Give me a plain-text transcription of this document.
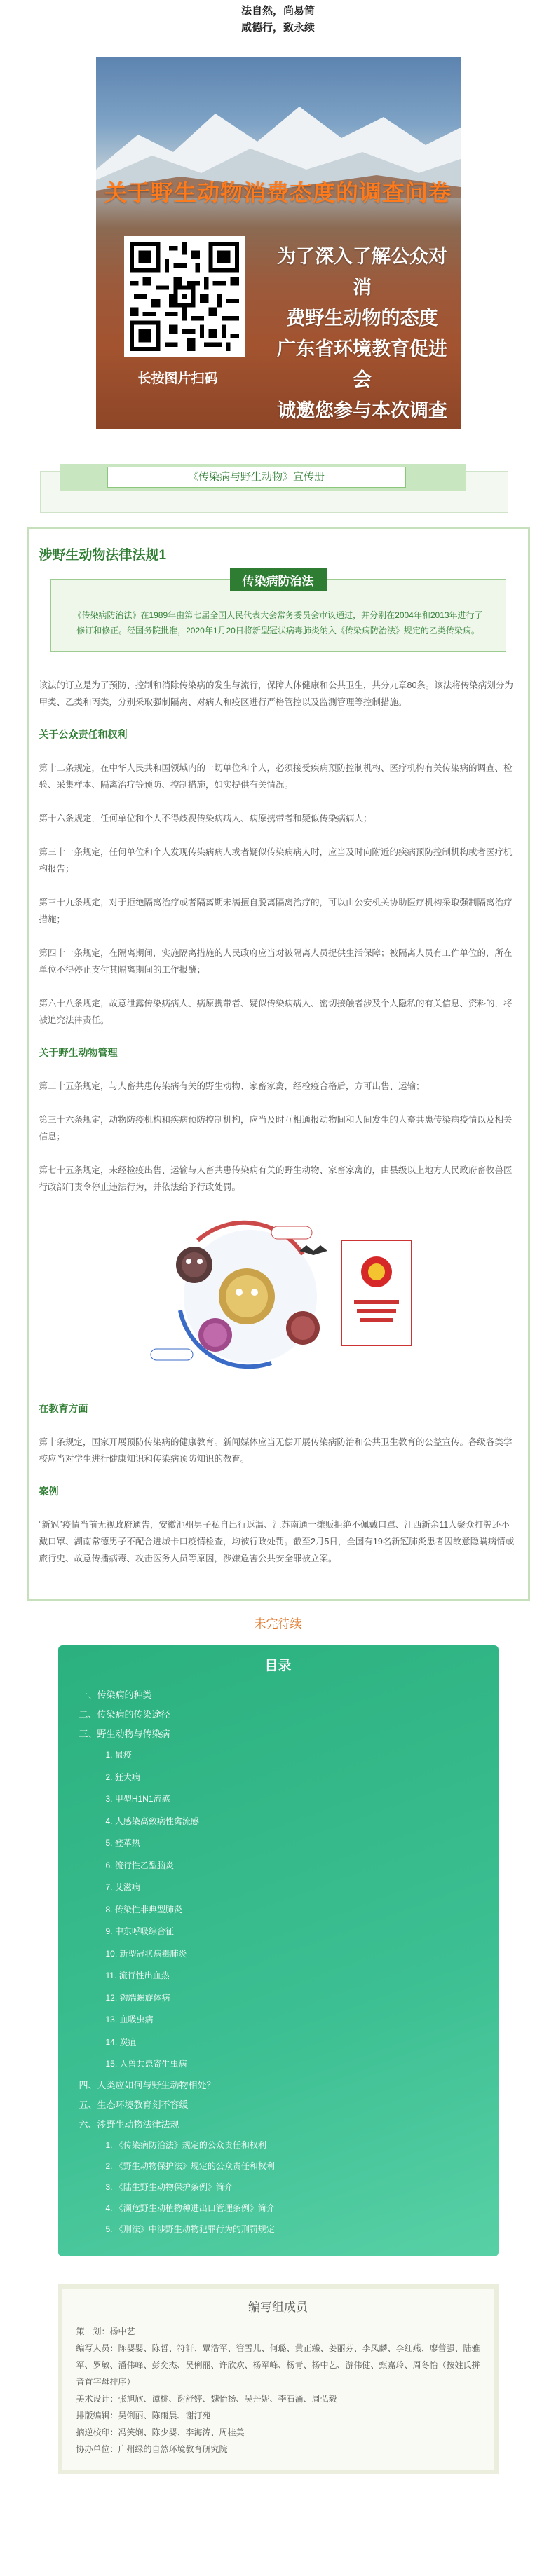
法自然，尚易简
咸德行，致永续
关于野生动物消费态度的调查问卷
长按图片扫码
为了深入了解公众对消
费野生动物的态度
广东省环境教育促进会
诚邀您参与本次调查
《传染病与野生动物》宣传册
涉野生动物法律法规1
传染病防治法

《传染病防治法》在1989年由第七届全国人民代表大会常务委员会审议通过，并分别在2004年和2013年进行了修订和修正。经国务院批准，2020年1月20日将新型冠状病毒肺炎纳入《传染病防治法》规定的乙类传染病。

该法的订立是为了预防、控制和消除传染病的发生与流行，保障人体健康和公共卫生，共分九章80条。该法将传染病划分为甲类、乙类和丙类，分别采取强制隔离、对病人和疫区进行严格管控以及监测管理等控制措施。

关于公众责任和权利

第十二条规定，在中华人民共和国领域内的一切单位和个人，必须接受疾病预防控制机构、医疗机构有关传染病的调查、检验、采集样本、隔离治疗等预防、控制措施，如实提供有关情况。

第十六条规定，任何单位和个人不得歧视传染病病人、病原携带者和疑似传染病病人；

第三十一条规定，任何单位和个人发现传染病病人或者疑似传染病病人时，应当及时向附近的疾病预防控制机构或者医疗机构报告；

第三十九条规定，对于拒绝隔离治疗或者隔离期未满擅自脱离隔离治疗的，可以由公安机关协助医疗机构采取强制隔离治疗措施；

第四十一条规定，在隔离期间，实施隔离措施的人民政府应当对被隔离人员提供生活保障；被隔离人员有工作单位的，所在单位不得停止支付其隔离期间的工作报酬；

第六十八条规定，故意泄露传染病病人、病原携带者、疑似传染病病人、密切接触者涉及个人隐私的有关信息、资料的，将被追究法律责任。

关于野生动物管理

第二十五条规定，与人畜共患传染病有关的野生动物、家畜家禽，经检疫合格后，方可出售、运输；

第三十六条规定，动物防疫机构和疾病预防控制机构，应当及时互相通报动物间和人间发生的人畜共患传染病疫情以及相关信息；

第七十五条规定，未经检疫出售、运输与人畜共患传染病有关的野生动物、家畜家禽的，由县级以上地方人民政府畜牧兽医行政部门责令停止违法行为，并依法给予行政处罚。

在教育方面

第十条规定，国家开展预防传染病的健康教育。新闻媒体应当无偿开展传染病防治和公共卫生教育的公益宣传。各级各类学校应当对学生进行健康知识和传染病预防知识的教育。

案例

“新冠”疫情当前无视政府通告，安徽池州男子私自出行返温、江苏南通一摊贩拒绝不佩戴口罩、江西新余11人聚众打牌还不戴口罩、湖南常德男子不配合进城卡口疫情检查，均被行政处罚。截至2月5日，全国有19名新冠肺炎患者因故意隐瞒病情或旅行史、故意传播病毒、攻击医务人员等原因，涉嫌危害公共安全罪被立案。

未完待续
目录
一、传染病的种类
二、传染病的传染途径
三、野生动物与传染病
1. 鼠疫
2. 狂犬病
3. 甲型H1N1流感
4. 人感染高致病性禽流感
5. 登革热
6. 流行性乙型脑炎
7. 艾滋病
8. 传染性非典型肺炎
9. 中东呼吸综合征
10. 新型冠状病毒肺炎
11. 流行性出血热
12. 钩端螺旋体病
13. 血吸虫病
14. 炭疽
15. 人兽共患寄生虫病
四、人类应如何与野生动物相处？
五、生态环境教育刻不容缓
六、涉野生动物法律法规
1. 《传染病防治法》规定的公众责任和权利
2. 《野生动物保护法》规定的公众责任和权利
3. 《陆生野生动物保护条例》简介
4. 《濒危野生动植物种进出口管理条例》简介
5. 《刑法》中涉野生动物犯罪行为的刑罚规定
编写组成员
策　划：杨中艺
编写人员：陈婴婴、陈哲、符轩、覃浩军、管雪儿、何璐、黄正臻、姜丽芬、李凤麟、李红燕、廖蕾强、陆雅军、罗敏、潘伟峰、彭奕杰、吴俐丽、许欣欢、杨军峰、杨青、杨中艺、游伟健、甄嘉玲、周冬怡（按姓氏拼音首字母排序）
美术设计：张旭欣、谭桃、谢舒婷、魏怡扬、吴丹妮、李石涌、周弘毅
排版编辑：吴俐丽、陈雨晨、谢汀苑
摘逆校印：冯笑娴、陈少婴、李海涛、周桂美
协办单位：广州绿的自然环境教育研究院
